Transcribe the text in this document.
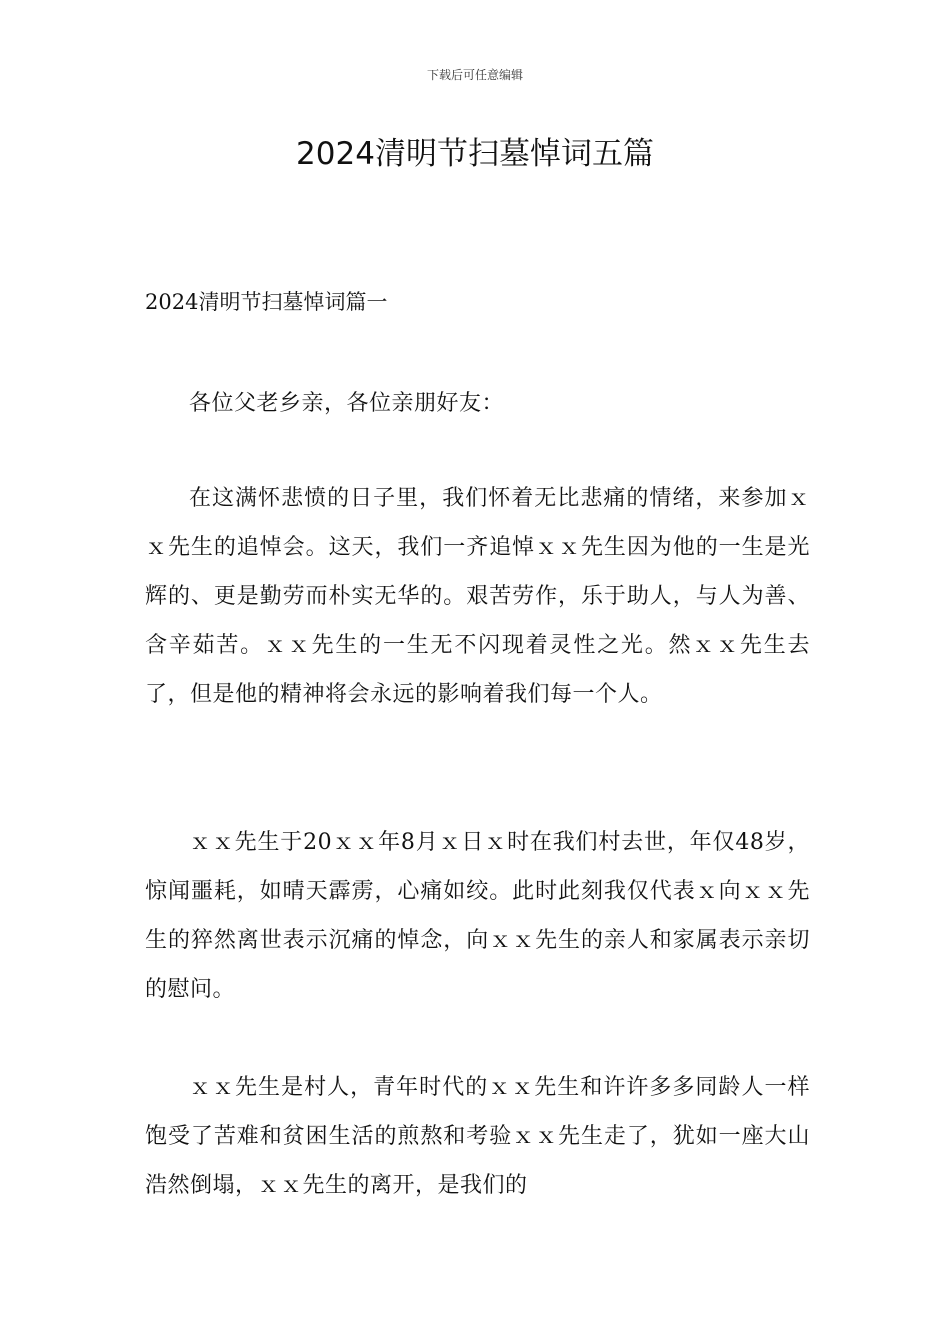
下载后可任意编辑
2024清明节扫墓悼词五篇
2024清明节扫墓悼词篇一

各位父老乡亲，各位亲朋好友：

在这满怀悲愤的日子里，我们怀着无比悲痛的情绪，来参加ｘｘ先生的追悼会。这天，我们一齐追悼ｘｘ先生因为他的一生是光辉的、更是勤劳而朴实无华的。艰苦劳作，乐于助人，与人为善、含辛茹苦。ｘｘ先生的一生无不闪现着灵性之光。然ｘｘ先生去了，但是他的精神将会永远的影响着我们每一个人。

ｘｘ先生于20ｘｘ年8月ｘ日ｘ时在我们村去世，年仅48岁，惊闻噩耗，如晴天霹雳，心痛如绞。此时此刻我仅代表ｘ向ｘｘ先生的猝然离世表示沉痛的悼念，向ｘｘ先生的亲人和家属表示亲切的慰问。

ｘｘ先生是村人，青年时代的ｘｘ先生和许许多多同龄人一样饱受了苦难和贫困生活的煎熬和考验ｘｘ先生走了，犹如一座大山浩然倒塌，ｘｘ先生的离开，是我们的
